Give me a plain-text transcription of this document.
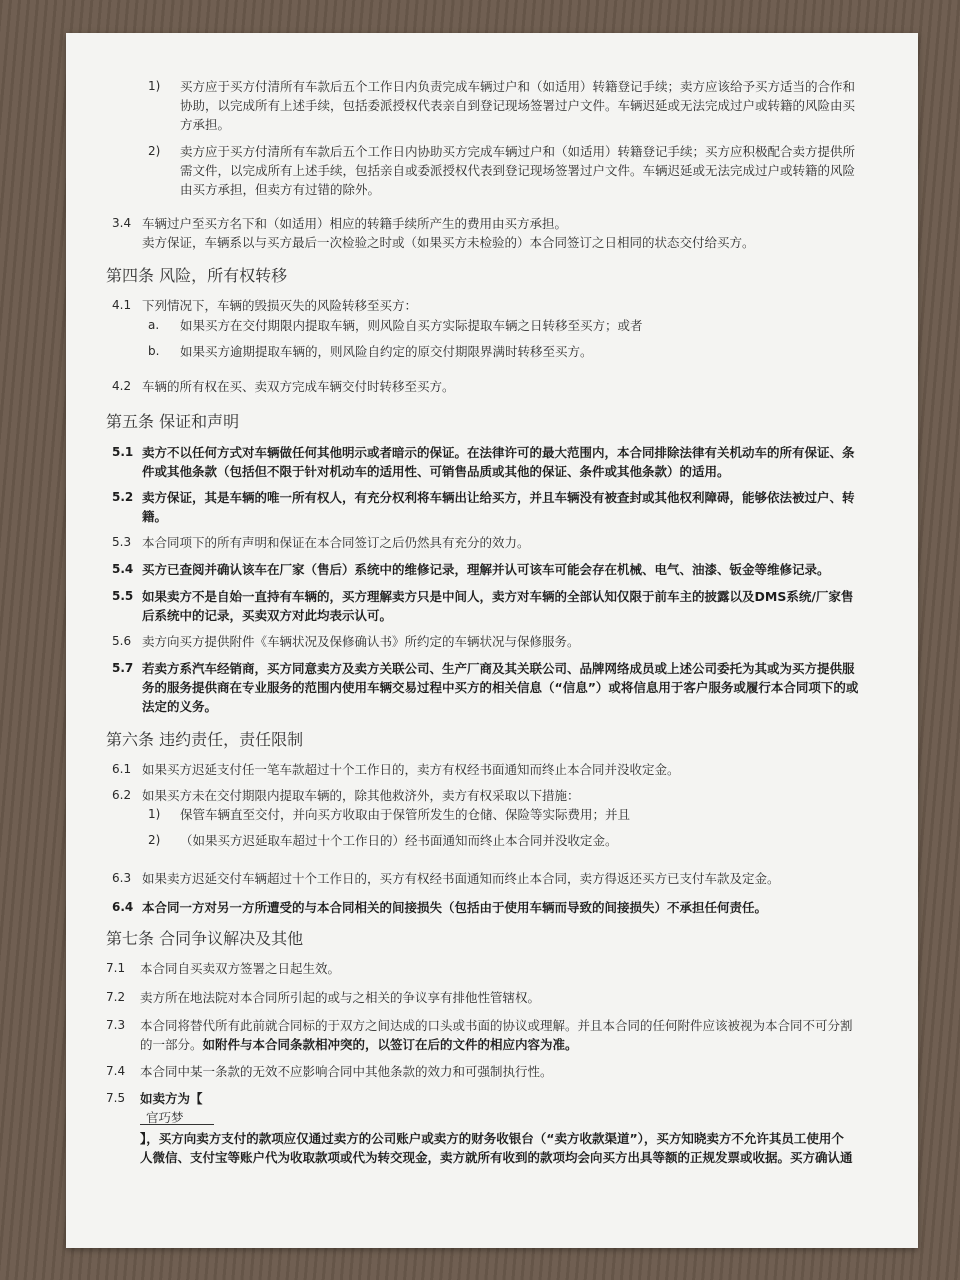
1) 买方应于买方付清所有车款后五个工作日内负责完成车辆过户和（如适用）转籍登记手续；卖方应该给予买方适当的合作和
协助，以完成所有上述手续，包括委派授权代表亲自到登记现场签署过户文件。车辆迟延或无法完成过户或转籍的风险由买
方承担。
2) 卖方应于买方付清所有车款后五个工作日内协助买方完成车辆过户和（如适用）转籍登记手续；买方应积极配合卖方提供所
需文件，以完成所有上述手续，包括亲自或委派授权代表到登记现场签署过户文件。车辆迟延或无法完成过户或转籍的风险
由买方承担，但卖方有过错的除外。
3.4 车辆过户至买方名下和（如适用）相应的转籍手续所产生的费用由买方承担。
卖方保证，车辆系以与买方最后一次检验之时或（如果买方未检验的）本合同签订之日相同的状态交付给买方。
第四条 风险，所有权转移
4.1 下列情况下，车辆的毁损灭失的风险转移至买方：
a. 如果买方在交付期限内提取车辆，则风险自买方实际提取车辆之日转移至买方；或者
b. 如果买方逾期提取车辆的，则风险自约定的原交付期限界满时转移至买方。
4.2 车辆的所有权在买、卖双方完成车辆交付时转移至买方。
第五条 保证和声明
5.1 卖方不以任何方式对车辆做任何其他明示或者暗示的保证。在法律许可的最大范围内，本合同排除法律有关机动车的所有保证、条
件或其他条款（包括但不限于针对机动车的适用性、可销售品质或其他的保证、条件或其他条款）的适用。
5.2 卖方保证，其是车辆的唯一所有权人，有充分权利将车辆出让给买方，并且车辆没有被查封或其他权利障碍，能够依法被过户、转
籍。
5.3 本合同项下的所有声明和保证在本合同签订之后仍然具有充分的效力。
5.4 买方已查阅并确认该车在厂家（售后）系统中的维修记录，理解并认可该车可能会存在机械、电气、油漆、钣金等维修记录。
5.5 如果卖方不是自始一直持有车辆的，买方理解卖方只是中间人，卖方对车辆的全部认知仅限于前车主的披露以及DMS系统/厂家售
后系统中的记录，买卖双方对此均表示认可。
5.6 卖方向买方提供附件《车辆状况及保修确认书》所约定的车辆状况与保修服务。
5.7 若卖方系汽车经销商，买方同意卖方及卖方关联公司、生产厂商及其关联公司、品牌网络成员或上述公司委托为其或为买方提供服
务的服务提供商在专业服务的范围内使用车辆交易过程中买方的相关信息（“信息”）或将信息用于客户服务或履行本合同项下的或
法定的义务。
第六条 违约责任，责任限制
6.1 如果买方迟延支付任一笔车款超过十个工作日的，卖方有权经书面通知而终止本合同并没收定金。
6.2 如果买方未在交付期限内提取车辆的，除其他救济外，卖方有权采取以下措施：
1) 保管车辆直至交付，并向买方收取由于保管所发生的仓储、保险等实际费用；并且
2) （如果买方迟延取车超过十个工作日的）经书面通知而终止本合同并没收定金。
6.3 如果卖方迟延交付车辆超过十个工作日的，买方有权经书面通知而终止本合同，卖方得返还买方已支付车款及定金。
6.4 本合同一方对另一方所遭受的与本合同相关的间接损失（包括由于使用车辆而导致的间接损失）不承担任何责任。
第七条 合同争议解决及其他
7.1 本合同自买卖双方签署之日起生效。
7.2 卖方所在地法院对本合同所引起的或与之相关的争议享有排他性管辖权。
7.3 本合同将替代所有此前就合同标的于双方之间达成的口头或书面的协议或理解。并且本合同的任何附件应该被视为本合同不可分割
的一部分。如附件与本合同条款相冲突的，以签订在后的文件的相应内容为准。
7.4 本合同中某一条款的无效不应影响合同中其他条款的效力和可强制执行性。
7.5 如卖方为【
官巧梦
】，买方向卖方支付的款项应仅通过卖方的公司账户或卖方的财务收银台（“卖方收款渠道”），买方知晓卖方不允许其员工使用个
人微信、支付宝等账户代为收取款项或代为转交现金，卖方就所有收到的款项均会向买方出具等额的正规发票或收据。买方确认通
